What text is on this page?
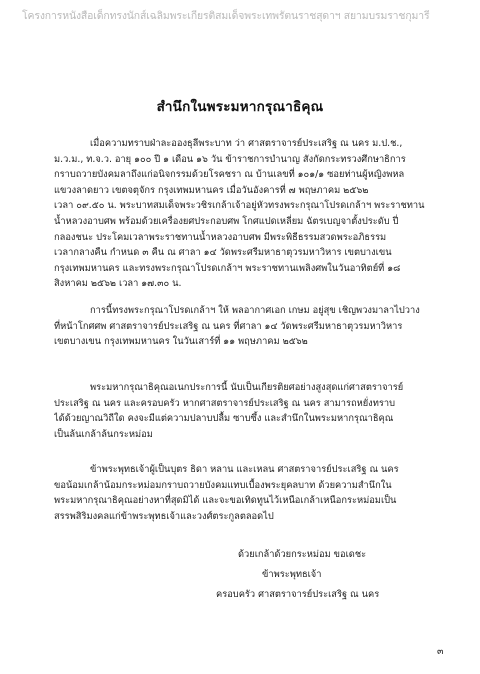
โครงการหนังสือเด็กทรงนักส์เฉลิมพระเกียรติสมเด็จพระเทพรัตนราชสุดาฯ สยามบรมราชกุมารี
สำนึกในพระมหากรุณาธิคุณ
เมื่อความทราบฝ่าละอองธุลีพระบาท ว่า ศาสตราจารย์ประเสริฐ ณ นคร ม.ป.ช.,
ม.ว.ม., ท.จ.ว. อายุ ๑๐๐ ปี ๑ เดือน ๑๖ วัน ข้าราชการบำนาญ สังกัดกระทรวงศึกษาธิการ
กราบถวายบังคมลาถึงแก่อนิจกรรมด้วยโรคชรา ณ บ้านเลขที่ ๑๐๑/๑ ซอยท่านผู้หญิงพหล
แขวงลาดยาว เขตจตุจักร กรุงเทพมหานคร เมื่อวันอังคารที่ ๗ พฤษภาคม ๒๕๖๒
เวลา ๐๙.๕๐ น. พระบาทสมเด็จพระวชิรเกล้าเจ้าอยู่หัวทรงพระกรุณาโปรดเกล้าฯ พระราชทาน
น้ำหลวงอาบศพ พร้อมด้วยเครื่องยศประกอบศพ โกศแปดเหลี่ยม ฉัตรเบญจาตั้งประดับ ปี่
กลองชนะ ประโคมเวลาพระราชทานน้ำหลวงอาบศพ มีพระพิธีธรรมสวดพระอภิธรรม
เวลากลางคืน กำหนด ๓ คืน ณ ศาลา ๑๔ วัดพระศรีมหาธาตุวรมหาวิหาร เขตบางเขน
กรุงเทพมหานคร และทรงพระกรุณาโปรดเกล้าฯ พระราชทานเพลิงศพในวันอาทิตย์ที่ ๑๘
สิงหาคม ๒๕๖๒ เวลา ๑๗.๓๐ น.
การนี้ทรงพระกรุณาโปรดเกล้าฯ ให้ พลอากาศเอก เกษม อยู่สุข เชิญพวงมาลาไปวาง
ที่หน้าโกศศพ ศาสตราจารย์ประเสริฐ ณ นคร ที่ศาลา ๑๔ วัดพระศรีมหาธาตุวรมหาวิหาร
เขตบางเขน กรุงเทพมหานคร ในวันเสาร์ที่ ๑๑ พฤษภาคม ๒๕๖๒
พระมหากรุณาธิคุณอเนกประการนี้ นับเป็นเกียรติยศอย่างสูงสุดแก่ศาสตราจารย์
ประเสริฐ ณ นคร และครอบครัว หากศาสตราจารย์ประเสริฐ ณ นคร สามารถหยั่งทราบ
ได้ด้วยญาณวิถีใด คงจะมีแต่ความปลาบปลื้ม ซาบซึ้ง และสำนึกในพระมหากรุณาธิคุณ
เป็นล้นเกล้าล้นกระหม่อม
ข้าพระพุทธเจ้าผู้เป็นบุตร ธิดา หลาน และเหลน ศาสตราจารย์ประเสริฐ ณ นคร
ขอน้อมเกล้าน้อมกระหม่อมกราบถวายบังคมแทบเบื้องพระยุคลบาท ด้วยความสำนึกใน
พระมหากรุณาธิคุณอย่างหาที่สุดมิได้ และจะขอเทิดทูนไว้เหนือเกล้าเหนือกระหม่อมเป็น
สรรพสิริมงคลแก่ข้าพระพุทธเจ้าและวงศ์ตระกูลตลอดไป
ด้วยเกล้าด้วยกระหม่อม ขอเดชะ
ข้าพระพุทธเจ้า
ครอบครัว ศาสตราจารย์ประเสริฐ ณ นคร
๓
